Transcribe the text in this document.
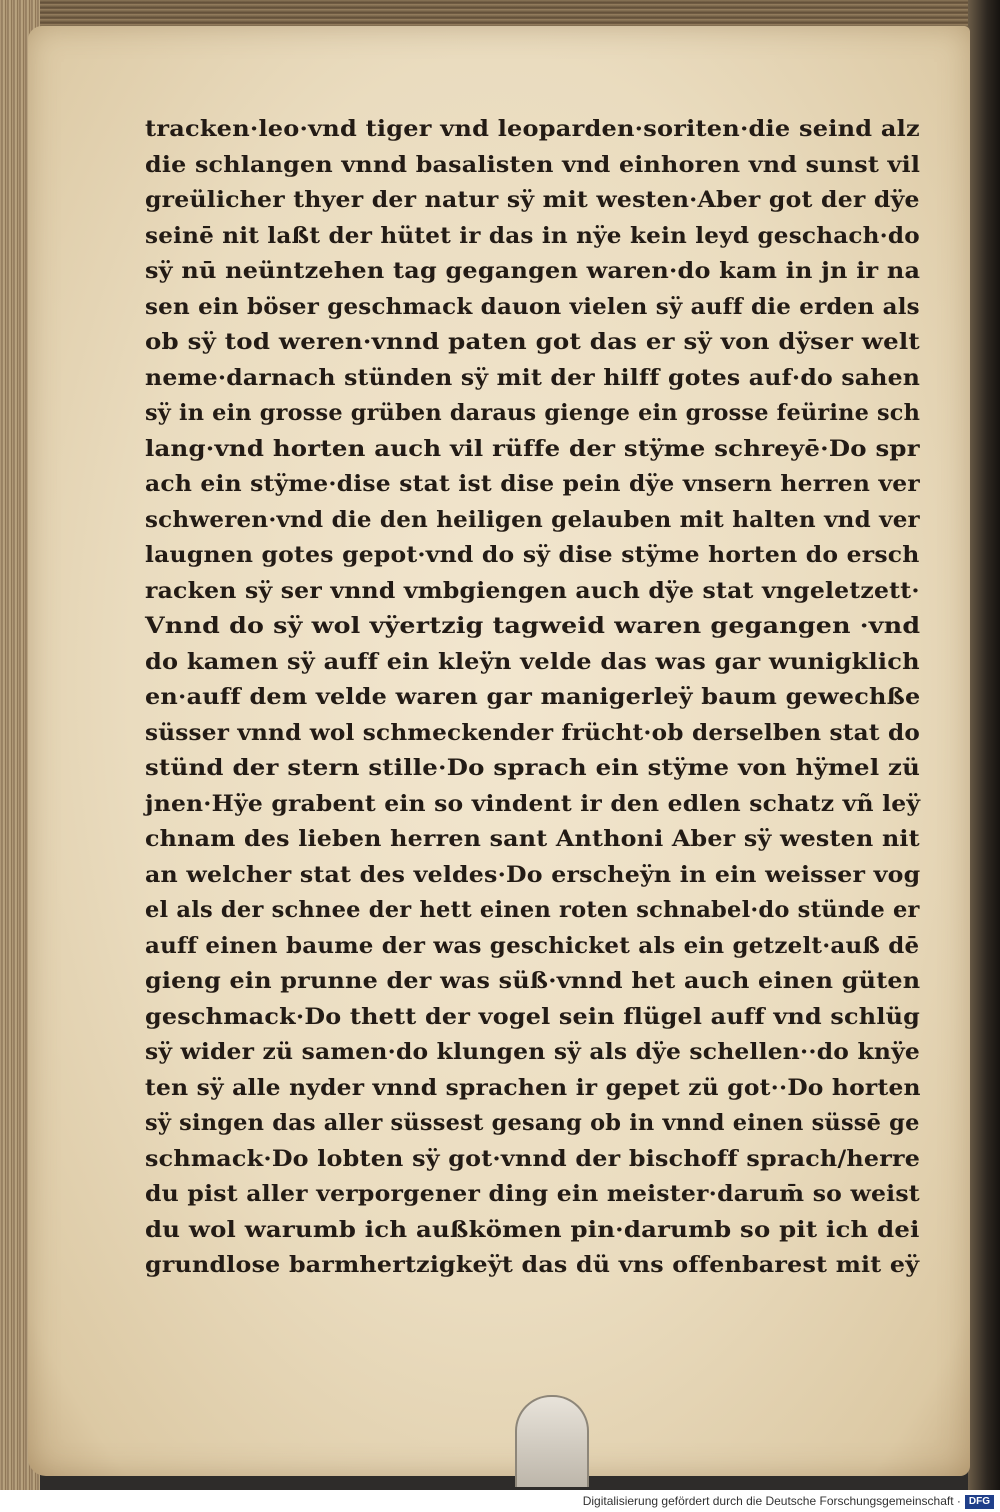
tracken·leo·vnd tiger vnd leoparden·soriten·die seind alz
die schlangen vnnd basalisten vnd einhoren vnd sunst vil
greülicher thyer der natur sÿ mit westen·Aber got der dÿe
seinē nit laßt der hütet ir das in nÿe kein leyd geschach·do
sÿ nū neüntzehen tag gegangen waren·do kam in jn ir na
sen ein böser geschmack dauon vielen sÿ auff die erden als
ob sÿ tod weren·vnnd paten got das er sÿ von dÿser welt
neme·darnach stünden sÿ mit der hilff gotes auf·do sahen
sÿ in ein grosse grüben daraus gienge ein grosse feürine sch
lang·vnd horten auch vil rüffe der stÿme schreyē·Do spr
ach ein stÿme·dise stat ist dise pein dÿe vnsern herren ver
schweren·vnd die den heiligen gelauben mit halten vnd ver
laugnen gotes gepot·vnd do sÿ dise stÿme horten do ersch
racken sÿ ser vnnd vmbgiengen auch dÿe stat vngeletzett·
Vnnd do sÿ wol vÿertzig tagweid waren gegangen ·vnd
do kamen sÿ auff ein kleÿn velde das was gar wunigklich
en·auff dem velde waren gar manigerleÿ baum gewechße
süsser vnnd wol schmeckender frücht·ob derselben stat do
stünd der stern stille·Do sprach ein stÿme von hÿmel zü
jnen·Hÿe grabent ein so vindent ir den edlen schatz vñ leÿ
chnam des lieben herren sant Anthoni Aber sÿ westen nit
an welcher stat des veldes·Do erscheÿn in ein weisser vog
el als der schnee der hett einen roten schnabel·do stünde er
auff einen baume der was geschicket als ein getzelt·auß dē
gieng ein prunne der was süß·vnnd het auch einen güten
geschmack·Do thett der vogel sein flügel auff vnd schlüg
sÿ wider zü samen·do klungen sÿ als dÿe schellen··do knÿe
ten sÿ alle nyder vnnd sprachen ir gepet zü got··Do horten
sÿ singen das aller süssest gesang ob in vnnd einen süssē ge
schmack·Do lobten sÿ got·vnnd der bischoff sprach/herre
du pist aller verporgener ding ein meister·darum̄ so weist
du wol warumb ich außkömen pin·darumb so pit ich dei
grundlose barmhertzigkeÿt das dü vns offenbarest mit eÿ
Digitalisierung gefördert durch die Deutsche Forschungsgemeinschaft · DFG
